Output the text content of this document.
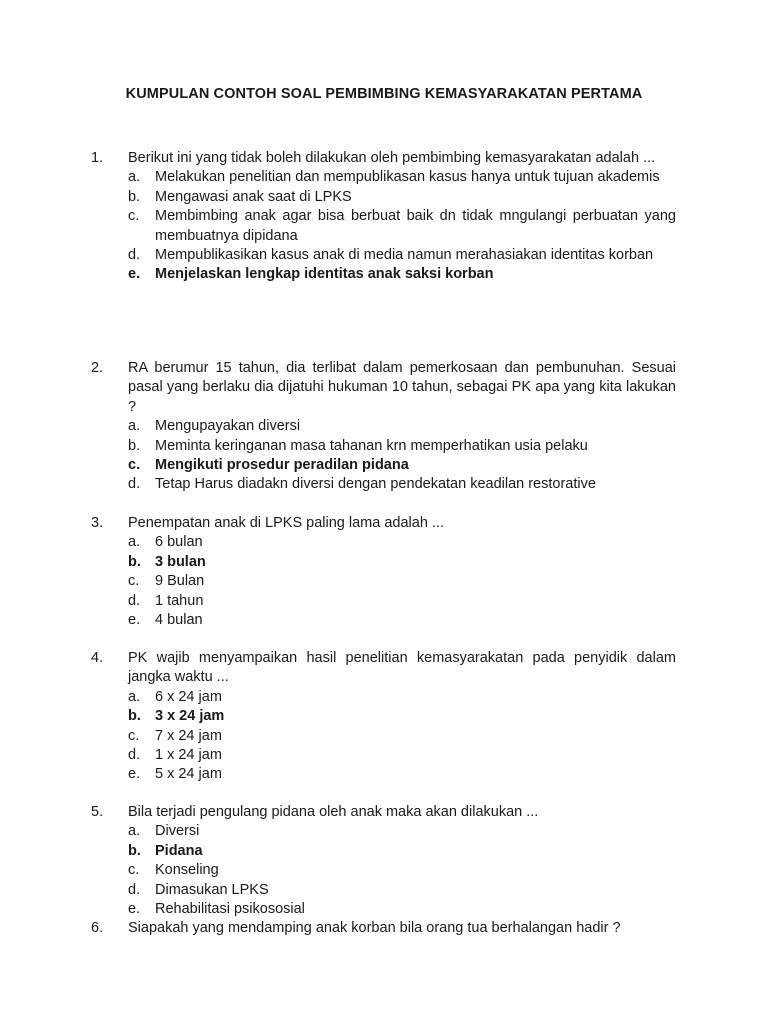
KUMPULAN CONTOH SOAL PEMBIMBING KEMASYARAKATAN PERTAMA
1. Berikut ini yang tidak boleh dilakukan oleh pembimbing kemasyarakatan adalah ...
a. Melakukan penelitian dan mempublikasan kasus hanya untuk tujuan akademis
b. Mengawasi anak saat di LPKS
c. Membimbing anak agar bisa berbuat baik dn tidak mngulangi perbuatan yang membuatnya dipidana
d. Mempublikasikan kasus anak di media namun merahasiakan identitas korban
e. Menjelaskan lengkap identitas anak saksi korban
2. RA berumur 15 tahun, dia terlibat dalam pemerkosaan dan pembunuhan. Sesuai pasal yang berlaku dia dijatuhi hukuman 10 tahun, sebagai PK apa yang kita lakukan ?
a. Mengupayakan diversi
b. Meminta keringanan masa tahanan krn memperhatikan usia pelaku
c. Mengikuti prosedur peradilan pidana
d. Tetap Harus diadakn diversi dengan pendekatan keadilan restorative
3. Penempatan anak di LPKS paling lama adalah ...
a. 6 bulan
b. 3 bulan
c. 9 Bulan
d. 1 tahun
e. 4 bulan
4. PK wajib menyampaikan hasil penelitian kemasyarakatan pada penyidik dalam jangka waktu ...
a. 6 x 24 jam
b. 3 x 24 jam
c. 7 x 24 jam
d. 1 x 24 jam
e. 5 x 24 jam
5. Bila terjadi pengulang pidana oleh anak maka akan dilakukan ...
a. Diversi
b. Pidana
c. Konseling
d. Dimasukan LPKS
e. Rehabilitasi psikososial
6. Siapakah yang mendamping anak korban bila orang tua berhalangan hadir ?
